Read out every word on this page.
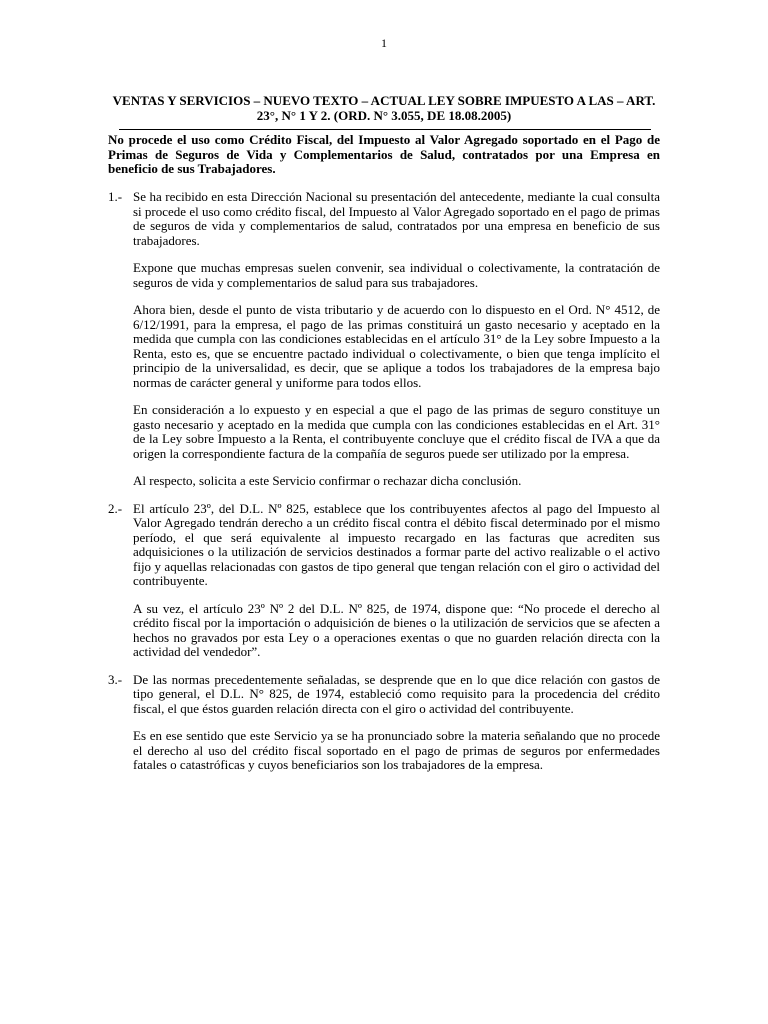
1
VENTAS Y SERVICIOS – NUEVO TEXTO – ACTUAL LEY SOBRE IMPUESTO A LAS – ART. 23°, N° 1 Y 2. (ORD. N° 3.055, DE 18.08.2005)
No procede el uso como Crédito Fiscal, del Impuesto al Valor Agregado soportado en el Pago de Primas de Seguros de Vida y Complementarios de Salud, contratados por una Empresa en beneficio de sus Trabajadores.
1.- Se ha recibido en esta Dirección Nacional su presentación del antecedente, mediante la cual consulta si procede el uso como crédito fiscal, del Impuesto al Valor Agregado soportado en el pago de primas de seguros de vida y complementarios de salud, contratados por una empresa en beneficio de sus trabajadores.

Expone que muchas empresas suelen convenir, sea individual o colectivamente, la contratación de seguros de vida y complementarios de salud para sus trabajadores.

Ahora bien, desde el punto de vista tributario y de acuerdo con lo dispuesto en el Ord. N° 4512, de 6/12/1991, para la empresa, el pago de las primas constituirá un gasto necesario y aceptado en la medida que cumpla con las condiciones establecidas en el artículo 31° de la Ley sobre Impuesto a la Renta, esto es, que se encuentre pactado individual o colectivamente, o bien que tenga implícito el principio de la universalidad, es decir, que se aplique a todos los trabajadores de la empresa bajo normas de carácter general y uniforme para todos ellos.

En consideración a lo expuesto y en especial a que el pago de las primas de seguro constituye un gasto necesario y aceptado en la medida que cumpla con las condiciones establecidas en el Art. 31° de la Ley sobre Impuesto a la Renta, el contribuyente concluye que el crédito fiscal de IVA a que da origen la correspondiente factura de la compañía de seguros puede ser utilizado por la empresa.

Al respecto, solicita a este Servicio confirmar o rechazar dicha conclusión.

2.- El artículo 23º, del D.L. Nº 825, establece que los contribuyentes afectos al pago del Impuesto al Valor Agregado tendrán derecho a un crédito fiscal contra el débito fiscal determinado por el mismo período, el que será equivalente al impuesto recargado en las facturas que acrediten sus adquisiciones o la utilización de servicios destinados a formar parte del activo realizable o el activo fijo y aquellas relacionadas con gastos de tipo general que tengan relación con el giro o actividad del contribuyente.

A su vez, el artículo 23º Nº 2 del D.L. Nº 825, de 1974, dispone que: “No procede el derecho al crédito fiscal por la importación o adquisición de bienes o la utilización de servicios que se afecten a hechos no gravados por esta Ley o a operaciones exentas o que no guarden relación directa con la actividad del vendedor”.

3.- De las normas precedentemente señaladas, se desprende que en lo que dice relación con gastos de tipo general, el D.L. N° 825, de 1974, estableció como requisito para la procedencia del crédito fiscal, el que éstos guarden relación directa con el giro o actividad del contribuyente.

Es en ese sentido que este Servicio ya se ha pronunciado sobre la materia señalando que no procede el derecho al uso del crédito fiscal soportado en el pago de primas de seguros por enfermedades fatales o catastróficas y cuyos beneficiarios son los trabajadores de la empresa.
